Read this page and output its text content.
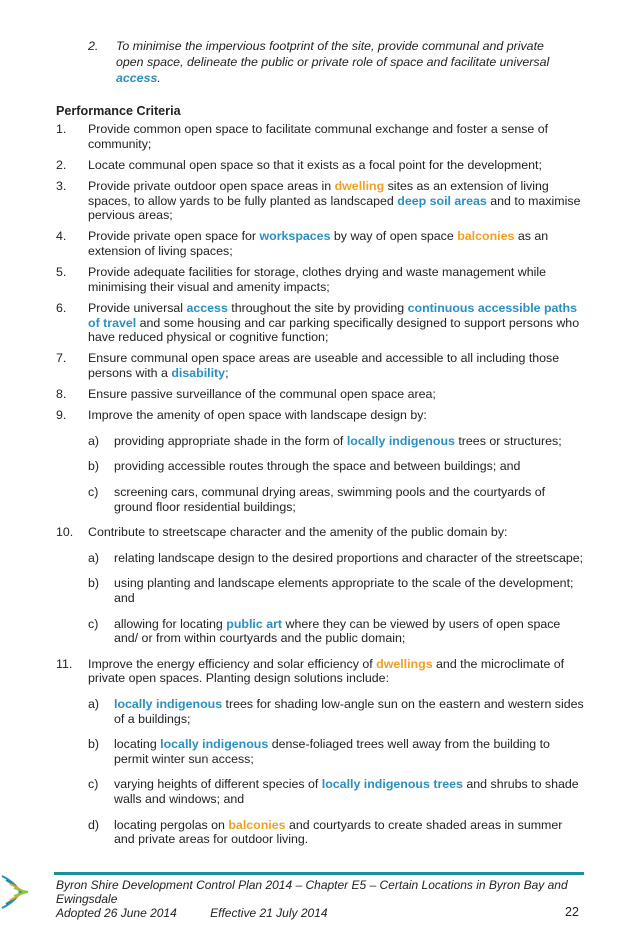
2. To minimise the impervious footprint of the site, provide communal and private open space, delineate the public or private role of space and facilitate universal access.
Performance Criteria
1. Provide common open space to facilitate communal exchange and foster a sense of community;
2. Locate communal open space so that it exists as a focal point for the development;
3. Provide private outdoor open space areas in dwelling sites as an extension of living spaces, to allow yards to be fully planted as landscaped deep soil areas and to maximise pervious areas;
4. Provide private open space for workspaces by way of open space balconies as an extension of living spaces;
5. Provide adequate facilities for storage, clothes drying and waste management while minimising their visual and amenity impacts;
6. Provide universal access throughout the site by providing continuous accessible paths of travel and some housing and car parking specifically designed to support persons who have reduced physical or cognitive function;
7. Ensure communal open space areas are useable and accessible to all including those persons with a disability;
8. Ensure passive surveillance of the communal open space area;
9. Improve the amenity of open space with landscape design by:
a) providing appropriate shade in the form of locally indigenous trees or structures;
b) providing accessible routes through the space and between buildings; and
c) screening cars, communal drying areas, swimming pools and the courtyards of ground floor residential buildings;
10. Contribute to streetscape character and the amenity of the public domain by:
a) relating landscape design to the desired proportions and character of the streetscape;
b) using planting and landscape elements appropriate to the scale of the development; and
c) allowing for locating public art where they can be viewed by users of open space and/ or from within courtyards and the public domain;
11. Improve the energy efficiency and solar efficiency of dwellings and the microclimate of private open spaces. Planting design solutions include:
a) locally indigenous trees for shading low-angle sun on the eastern and western sides of a buildings;
b) locating locally indigenous dense-foliaged trees well away from the building to permit winter sun access;
c) varying heights of different species of locally indigenous trees and shrubs to shade walls and windows; and
d) locating pergolas on balconies and courtyards to create shaded areas in summer and private areas for outdoor living.
Byron Shire Development Control Plan 2014 – Chapter E5 – Certain Locations in Byron Bay and Ewingsdale
Adopted 26 June 2014	Effective 21 July 2014	22
